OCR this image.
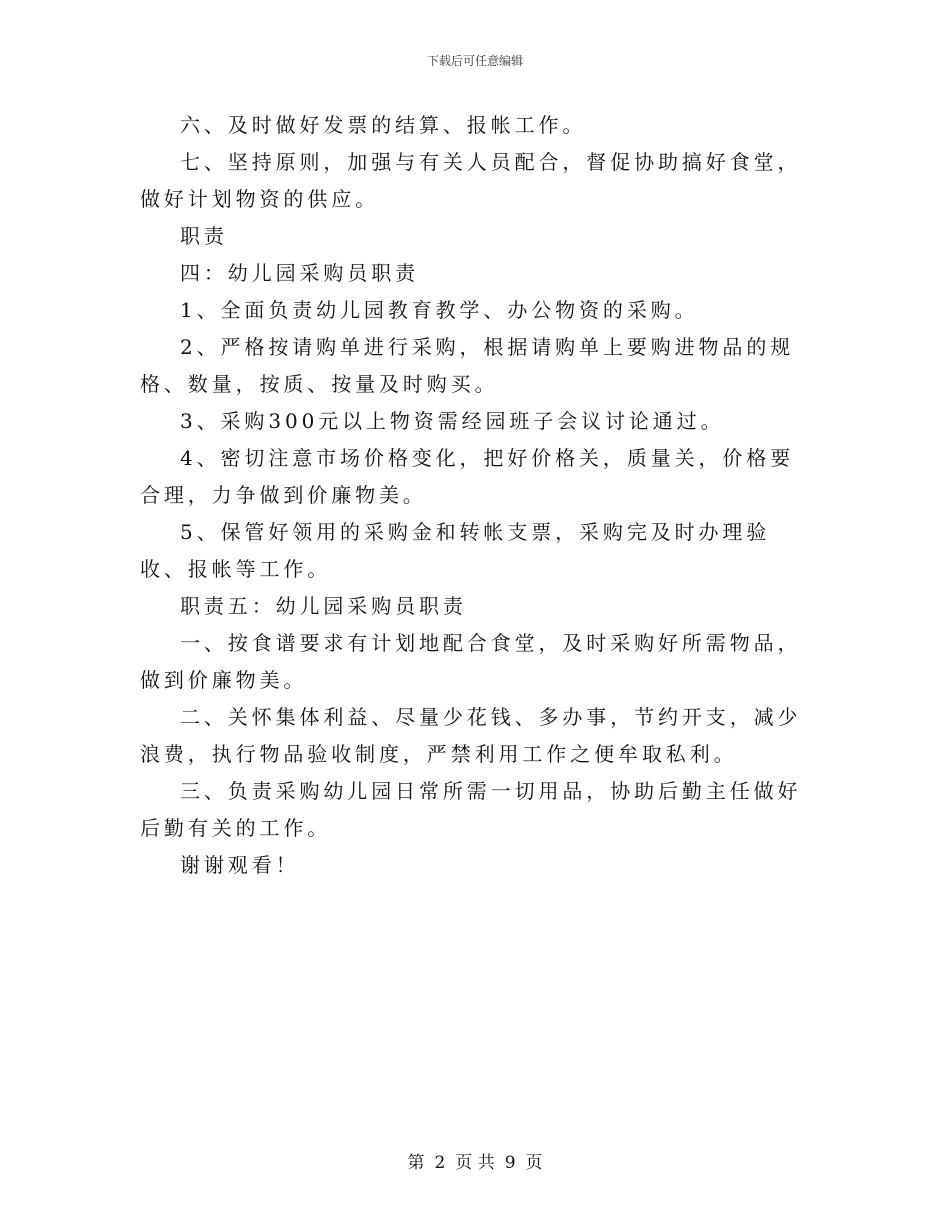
下载后可任意编辑

六、及时做好发票的结算、报帐工作。

七、坚持原则，加强与有关人员配合，督促协助搞好食堂，做好计划物资的供应。

职责

四：幼儿园采购员职责

1、全面负责幼儿园教育教学、办公物资的采购。

2、严格按请购单进行采购，根据请购单上要购进物品的规格、数量，按质、按量及时购买。

3、采购300元以上物资需经园班子会议讨论通过。

4、密切注意市场价格变化，把好价格关，质量关，价格要合理，力争做到价廉物美。

5、保管好领用的采购金和转帐支票，采购完及时办理验收、报帐等工作。

职责五：幼儿园采购员职责

一、按食谱要求有计划地配合食堂，及时采购好所需物品，做到价廉物美。

二、关怀集体利益、尽量少花钱、多办事，节约开支，减少浪费，执行物品验收制度，严禁利用工作之便牟取私利。

三、负责采购幼儿园日常所需一切用品，协助后勤主任做好后勤有关的工作。

谢谢观看！

第 2 页 共 9 页
